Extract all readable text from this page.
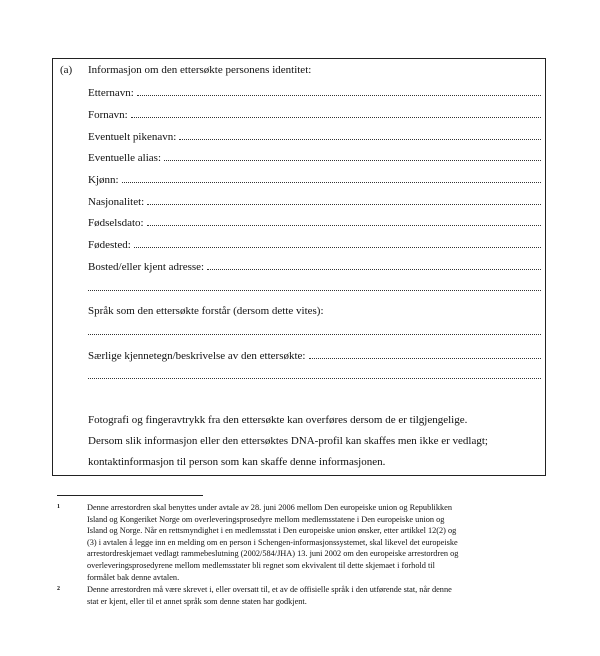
(a) Informasjon om den ettersøkte personens identitet:
Etternavn:
Fornavn:
Eventuelt pikenavn:
Eventuelle alias:
Kjønn:
Nasjonalitet:
Fødselsdato:
Fødested:
Bosted/eller kjent adresse:
Språk som den ettersøkte forstår (dersom dette vites):
Særlige kjennetegn/beskrivelse av den ettersøkte:
Fotografi og fingeravtrykk fra den ettersøkte kan overføres dersom de er tilgjengelige.
Dersom slik informasjon eller den ettersøktes DNA-profil kan skaffes men ikke er vedlagt;
kontaktinformasjon til person som kan skaffe denne informasjonen.
1	Denne arrestordren skal benyttes under avtale av 28. juni 2006 mellom Den europeiske union og Republikken
Island og Kongeriket Norge om overleveringsprosedyre mellom medlemsstatene i Den europeiske union og
Island og Norge. Når en rettsmyndighet i en medlemsstat i Den europeiske union ønsker, etter artikkel 12(2) og
(3) i avtalen å legge inn en melding om en person i Schengen-informasjonssystemet, skal likevel det europeiske
arrestordreskjemaet vedlagt rammebeslutning (2002/584/JHA) 13. juni 2002 om den europeiske arrestordren og
overleveringsprosedyrene mellom medlemsstater bli regnet som ekvivalent til dette skjemaet i forhold til
formålet bak denne avtalen.
2	Denne arrestordren må være skrevet i, eller oversatt til, et av de offisielle språk i den utførende stat, når denne
stat er kjent, eller til et annet språk som denne staten har godkjent.
